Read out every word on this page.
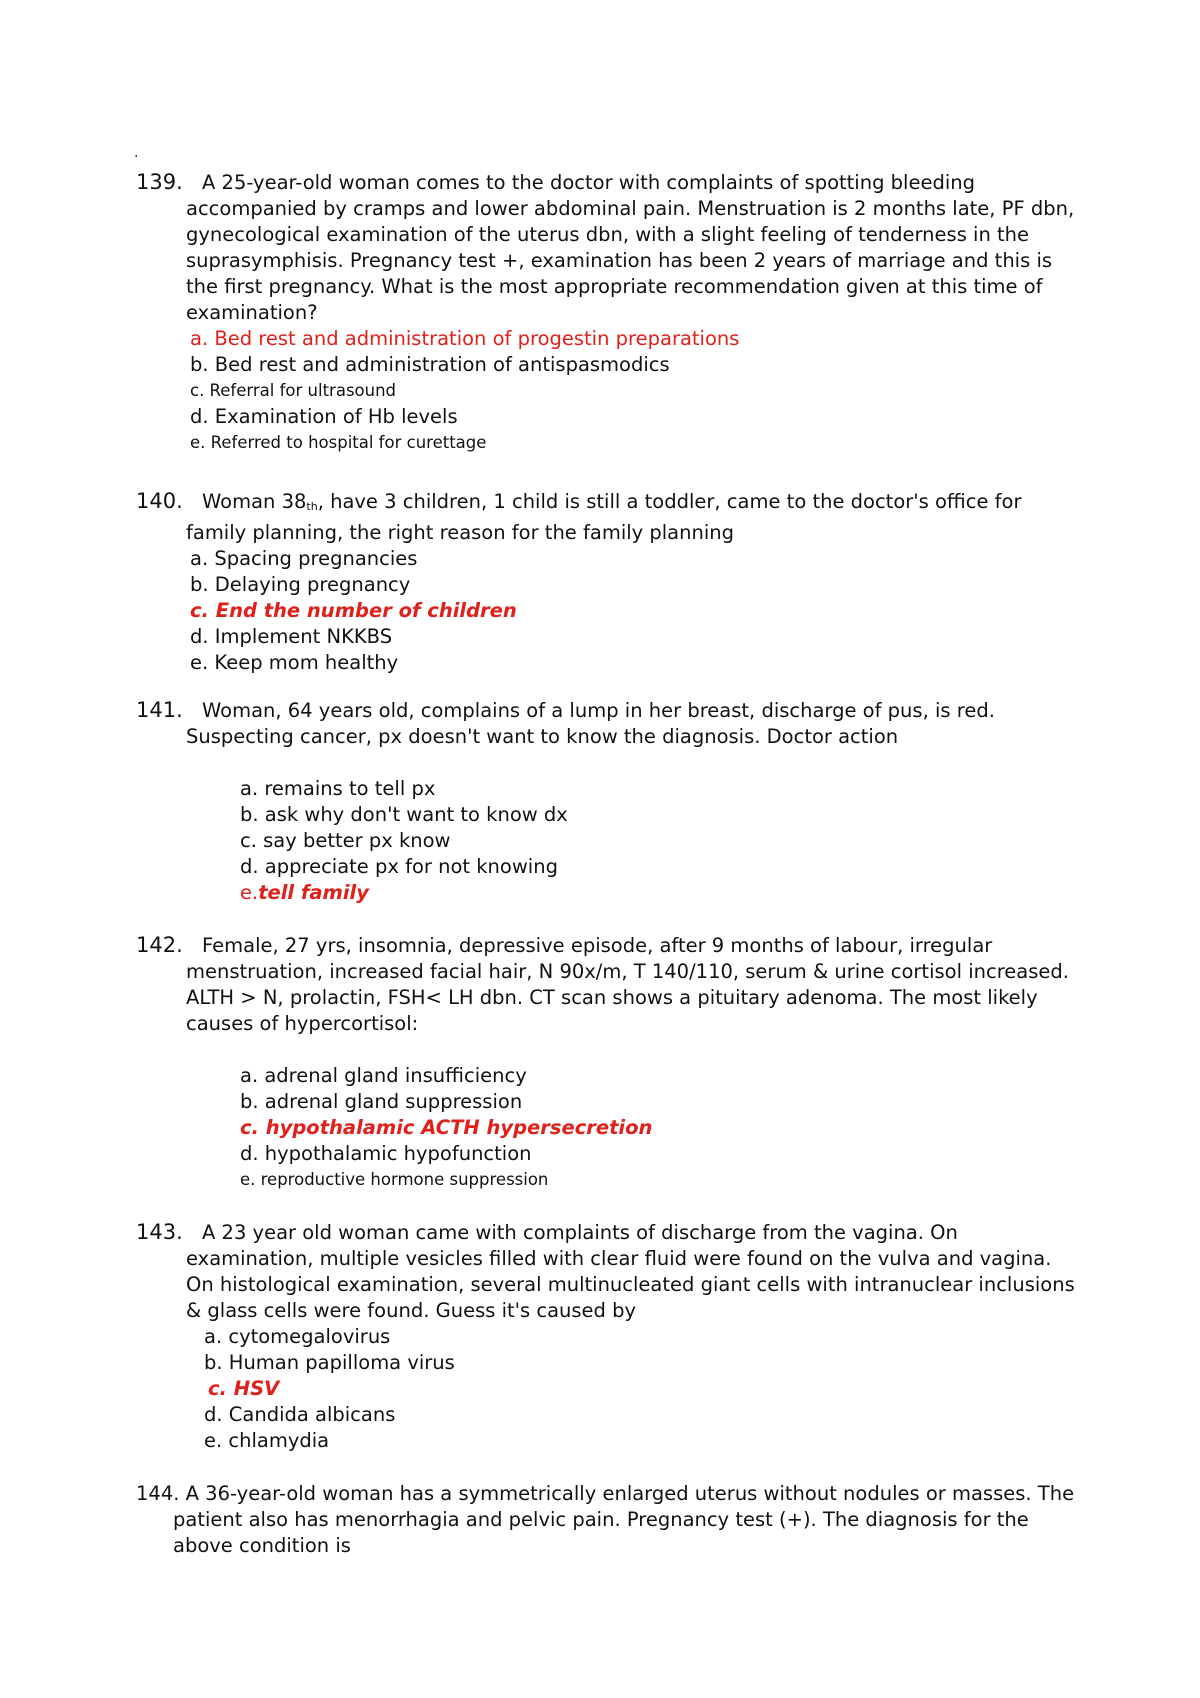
.

139. A 25-year-old woman comes to the doctor with complaints of spotting bleeding accompanied by cramps and lower abdominal pain. Menstruation is 2 months late, PF dbn, gynecological examination of the uterus dbn, with a slight feeling of tenderness in the suprasymphisis. Pregnancy test +, examination has been 2 years of marriage and this is the first pregnancy. What is the most appropriate recommendation given at this time of examination?

a. Bed rest and administration of progestin preparations
b. Bed rest and administration of antispasmodics
c. Referral for ultrasound
d. Examination of Hb levels
e. Referred to hospital for curettage

140. Woman 38th, have 3 children, 1 child is still a toddler, came to the doctor's office for family planning, the right reason for the family planning

a. Spacing pregnancies
b. Delaying pregnancy
c. End the number of children
d. Implement NKKBS
e. Keep mom healthy

141. Woman, 64 years old, complains of a lump in her breast, discharge of pus, is red. Suspecting cancer, px doesn't want to know the diagnosis. Doctor action

a. remains to tell px
b. ask why don't want to know dx
c. say better px know
d. appreciate px for not knowing
e.tell family

142. Female, 27 yrs, insomnia, depressive episode, after 9 months of labour, irregular menstruation, increased facial hair, N 90x/m, T 140/110, serum & urine cortisol increased. ALTH > N, prolactin, FSH< LH dbn. CT scan shows a pituitary adenoma. The most likely causes of hypercortisol:

a. adrenal gland insufficiency
b. adrenal gland suppression
c. hypothalamic ACTH hypersecretion
d. hypothalamic hypofunction
e. reproductive hormone suppression

143. A 23 year old woman came with complaints of discharge from the vagina. On examination, multiple vesicles filled with clear fluid were found on the vulva and vagina. On histological examination, several multinucleated giant cells with intranuclear inclusions & glass cells were found. Guess it's caused by

a. cytomegalovirus
b. Human papilloma virus
c. HSV
d. Candida albicans
e. chlamydia

144. A 36-year-old woman has a symmetrically enlarged uterus without nodules or masses. The patient also has menorrhagia and pelvic pain. Pregnancy test (+). The diagnosis for the above condition is
